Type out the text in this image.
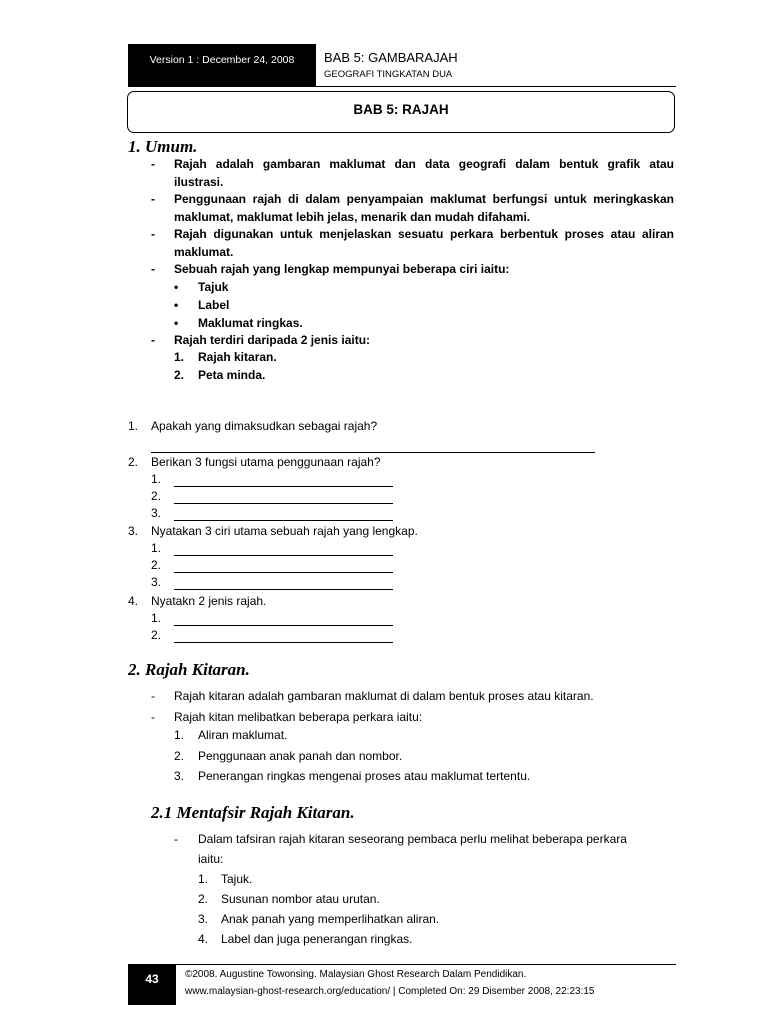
Version 1 : December 24, 2008	BAB 5: GAMBARAJAH
GEOGRAFI TINGKATAN DUA
BAB 5: RAJAH
1. Umum.
- Rajah adalah gambaran maklumat dan data geografi dalam bentuk grafik atau
ilustrasi.
- Penggunaan rajah di dalam penyampaian maklumat berfungsi untuk meringkaskan
maklumat, maklumat lebih jelas, menarik dan mudah difahami.
- Rajah digunakan untuk menjelaskan sesuatu perkara berbentuk proses atau aliran
maklumat.
- Sebuah rajah yang lengkap mempunyai beberapa ciri iaitu:
• Tajuk
• Label
• Maklumat ringkas.
- Rajah terdiri daripada 2 jenis iaitu:
1. Rajah kitaran.
2. Peta minda.
1. Apakah yang dimaksudkan sebagai rajah?
2. Berikan 3 fungsi utama penggunaan rajah?
1.
2.
3.
3. Nyatakan 3 ciri utama sebuah rajah yang lengkap.
1.
2.
3.
4. Nyatakn 2 jenis rajah.
1.
2.
2. Rajah Kitaran.
- Rajah kitaran adalah gambaran maklumat di dalam bentuk proses atau kitaran.
- Rajah kitan melibatkan beberapa perkara iaitu:
1. Aliran maklumat.
2. Penggunaan anak panah dan nombor.
3. Penerangan ringkas mengenai proses atau maklumat tertentu.
2.1 Mentafsir Rajah Kitaran.
- Dalam tafsiran rajah kitaran seseorang pembaca perlu melihat beberapa perkara
iaitu:
1. Tajuk.
2. Susunan nombor atau urutan.
3. Anak panah yang memperlihatkan aliran.
4. Label dan juga penerangan ringkas.
43	©2008. Augustine Towonsing. Malaysian Ghost Research Dalam Pendidikan.
www.malaysian-ghost-research.org/education/ | Completed On: 29 Disember 2008, 22:23:15
